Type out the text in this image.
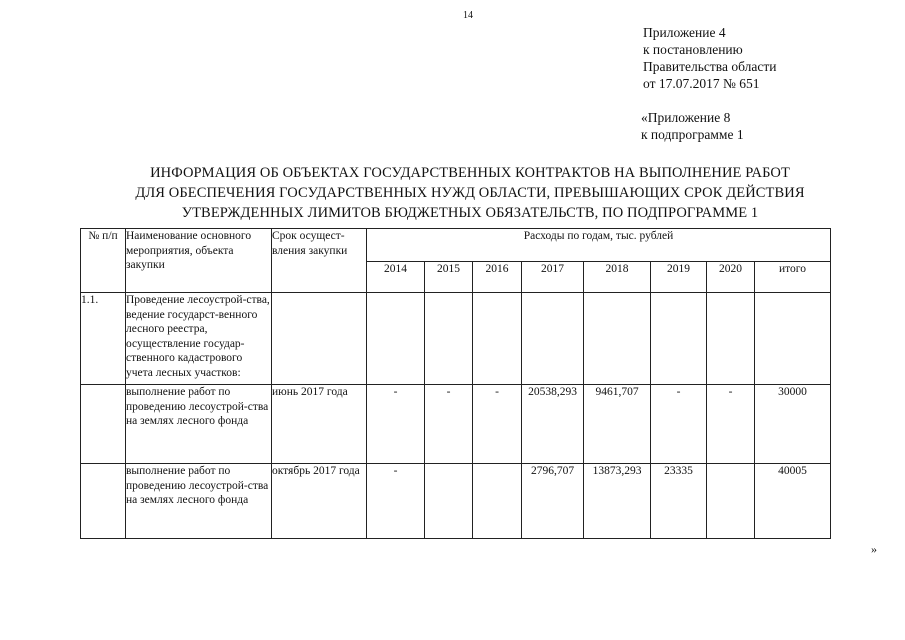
14
Приложение 4
к постановлению
Правительства области
от 17.07.2017 № 651
«Приложение 8
к подпрограмме 1
ИНФОРМАЦИЯ ОБ ОБЪЕКТАХ ГОСУДАРСТВЕННЫХ КОНТРАКТОВ НА ВЫПОЛНЕНИЕ РАБОТ
ДЛЯ ОБЕСПЕЧЕНИЯ ГОСУДАРСТВЕННЫХ НУЖД ОБЛАСТИ, ПРЕВЫШАЮЩИХ СРОК ДЕЙСТВИЯ
УТВЕРЖДЕННЫХ ЛИМИТОВ БЮДЖЕТНЫХ ОБЯЗАТЕЛЬСТВ, ПО ПОДПРОГРАММЕ 1
№ п/п	Наименование основного мероприятия, объекта закупки	Срок осущест-вления закупки	Расходы по годам, тыс. рублей							
			2014	2015	2016	2017	2018	2019	2020	итого
1.1.	Проведение лесоустрой-ства, ведение государст-венного лесного реестра, осуществление государ-ственного кадастрового учета лесных участков:									
	выполнение работ по проведению лесоустрой-ства на землях лесного фонда	июнь 2017 года	-	-	-	20538,293	9461,707	-	-	30000
	выполнение работ по проведению лесоустрой-ства на землях лесного фонда	октябрь 2017 года	-			2796,707	13873,293	23335		40005
»
